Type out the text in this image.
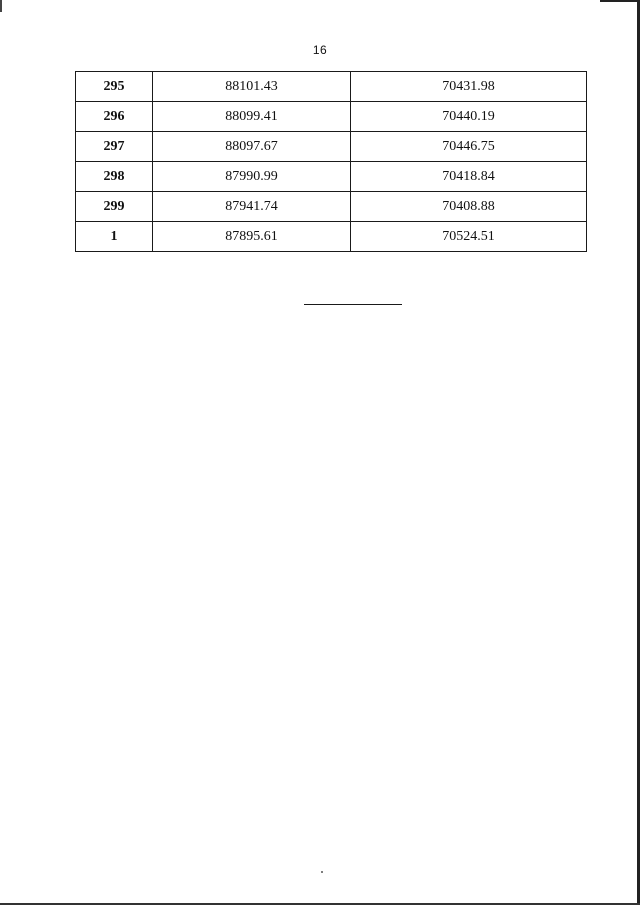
16
295	88101.43	70431.98
296	88099.41	70440.19
297	88097.67	70446.75
298	87990.99	70418.84
299	87941.74	70408.88
1	87895.61	70524.51
